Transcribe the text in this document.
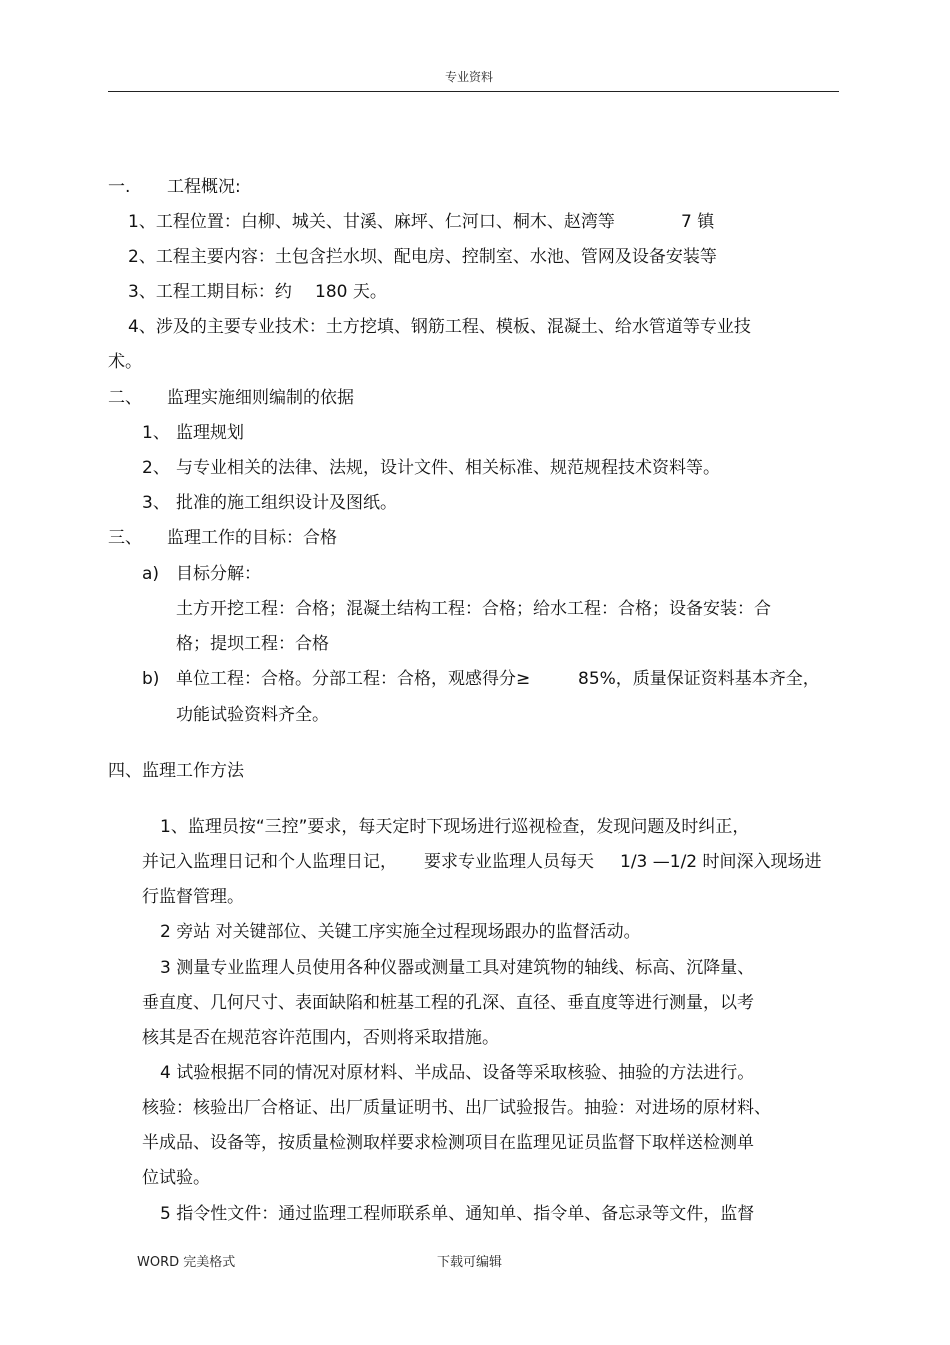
专业资料
一. 工程概况:
1、工程位置：白柳、城关、甘溪、麻坪、仁河口、桐木、赵湾等	7 镇
2、工程主要内容：土包含拦水坝、配电房、控制室、水池、管网及设备安装等
3、工程工期目标：约 180 天。
4、涉及的主要专业技术：土方挖填、钢筋工程、模板、混凝土、给水管道等专业技
术。
二、 监理实施细则编制的依据
1、 监理规划
2、 与专业相关的法律、法规，设计文件、相关标准、规范规程技术资料等。
3、 批准的施工组织设计及图纸。
三、 监理工作的目标：合格
a) 目标分解：
土方开挖工程：合格；混凝土结构工程：合格；给水工程：合格；设备安装：合
格；提坝工程：合格
b) 单位工程：合格。分部工程：合格，观感得分≥	85%，质量保证资料基本齐全，
功能试验资料齐全。
四、监理工作方法
1、监理员按“三控”要求，每天定时下现场进行巡视检查，发现问题及时纠正，
并记入监理日记和个人监理日记， 要求专业监理人员每天 1/3 —1/2 时间深入现场进
行监督管理。
2 旁站 对关键部位、关键工序实施全过程现场跟办的监督活动。
3 测量专业监理人员使用各种仪器或测量工具对建筑物的轴线、标高、沉降量、
垂直度、几何尺寸、表面缺陷和桩基工程的孔深、直径、垂直度等进行测量，以考
核其是否在规范容许范围内，否则将采取措施。
4 试验根据不同的情况对原材料、半成品、设备等采取核验、抽验的方法进行。
核验：核验出厂合格证、出厂质量证明书、出厂试验报告。抽验：对进场的原材料、
半成品、设备等，按质量检测取样要求检测项目在监理见证员监督下取样送检测单
位试验。
5 指令性文件：通过监理工程师联系单、通知单、指令单、备忘录等文件，监督
WORD 完美格式	下载可编辑
